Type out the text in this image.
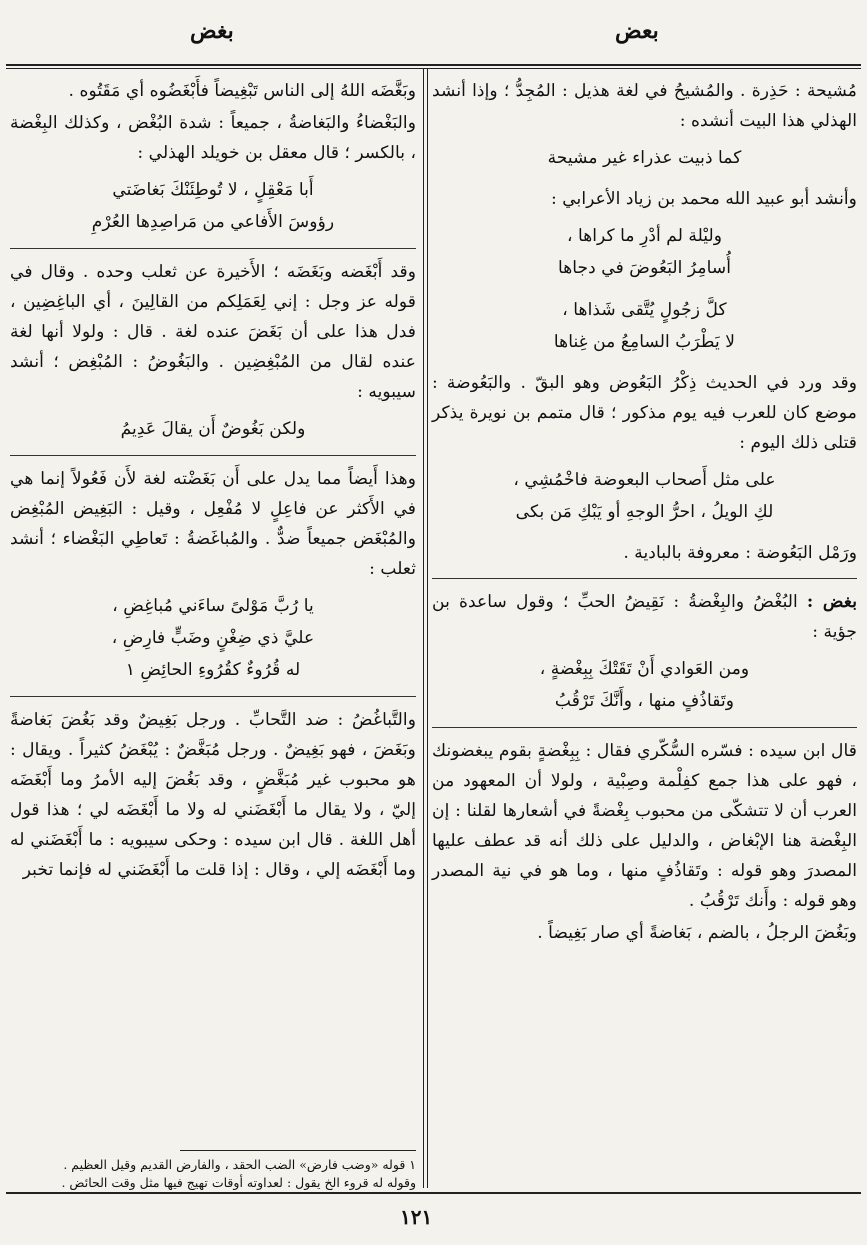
بغض	بعض

مُشيحة : حَذِرة . والمُشيحُ في لغة هذيل : المُجِدُّ ؛ وإذا أنشد الهذلي هذا البيت أنشده :

كما ذبيت عذراء غير مشيحة

وأنشد أبو عبيد الله محمد بن زياد الأعرابي :

وليْلة لم أدْرِ ما كراها ،
أُسامِرُ البَعُوضَ في دجاها
كلَّ زجُولٍ يُتَّقى شَذاها ،
لا يَطْرَبُ السامِعُ من غِناها

وقد ورد في الحديث ذِكْرُ البَعُوض وهو البقّ . والبَعُوضة : موضع كان للعرب فيه يوم مذكور ؛ قال متمم بن نويرة يذكر قتلى ذلك اليوم :

على مثل أَصحاب البعوضة فاخْمُشِي ،
لكِ الويلُ ، احرُّ الوجهِ أو يَبْكِ مَن بكى

ورَمْل البَعُوضة : معروفة بالبادية .

بغض : البُغْضُ والبِغْضةُ : نَقِيضُ الحبِّ ؛ وقول ساعدة بن جؤية :

ومن العَوادي أَنْ تَقَتْكَ بِبِغْضةٍ ،
وتَقاذُفٍ منها ، وأَنَّكَ تَرْقُبُ

قال ابن سيده : فسّره السُّكّري فقال : بِبِغْضةٍ بقوم يبغضونك ، فهو على هذا جمع كفِلْمة وصِبْية ، ولولا أن المعهود من العرب أن لا تتشكّى من محبوب بِغْضةً في أشعارها لقلنا : إن البِغْضة هنا الإبْغاض ، والدليل على ذلك أنه قد عطف عليها المصدرَ وهو قوله : وتَقاذُفٍ منها ، وما هو في نية المصدر وهو قوله : وأَنك تَرْقُبُ .

وبَغُضَ الرجلُ ، بالضم ، بَغاضةً أي صار بَغِيضاً .

وبَغَّضَه اللهُ إلى الناس تَبْغِيضاً فأَبْغَضُوه أي مَقَتُوه .

والبَغْضاءُ والبَغاضةُ ، جميعاً : شدة البُغْض ، وكذلك البِغْضة ، بالكسر ؛ قال معقل بن خويلد الهذلي :

أَبا مَعْقِلٍ ، لا تُوطِئَنْكَ بَغاضَتي
رؤوسَ الأَفاعي من مَراصِدِها العُرْمِ

وقد أَبْغَضه وبَغَضَه ؛ الأَخيرة عن ثعلب وحده . وقال في قوله عز وجل : إني لِعَمَلِكم من القالِينَ ، أي الباغِضِين ، فدل هذا على أن بَغَضَ عنده لغة . قال : ولولا أنها لغة عنده لقال من المُبْغِضِين . والبَغُوضُ : المُبْغِض ؛ أنشد سيبويه :

ولكن بَغُوضٌ أَن يقالَ عَدِيمُ

وهذا أَيضاً مما يدل على أَن بَغَضْته لغة لأَن فَعُولاً إنما هي في الأَكثر عن فاعِلٍ لا مُفْعِل ، وقيل : البَغِيض المُبْغِض والمُبْغَض جميعاً ضدٌّ . والمُباغَضةُ : تَعاطِي البَغْضاء ؛ أنشد ثعلب :

يا رُبَّ مَوْلىً ساءَني مُباغِضِ ،
عليَّ ذي ضِغْنٍ وضَبٍّ فارِضِ ،
له قُرُوءٌ كقُرُوءِ الحائِضِ ١

والتَّباغُضُ : ضد التَّحابِّ . ورجل بَغِيضٌ وقد بَغُضَ بَغاضةً وبَغَضَ ، فهو بَغِيضٌ . ورجل مُبَغَّضٌ : يُبْغَضُ كثيراً . ويقال : هو محبوب غير مُبَغَّضٍ ، وقد بَغُضَ إليه الأمرُ وما أَبْغَضَه إليّ ، ولا يقال ما أَبْغَضَني له ولا ما أَبْغَضَه لي ؛ هذا قول أهل اللغة . قال ابن سيده : وحكى سيبويه : ما أَبْغَضَني له وما أَبْغَضَه إلي ، وقال : إذا قلت ما أَبْغَضَني له فإنما تخبر

١ قوله «وضب فارض» الضب الحقد ، والفارض القديم وقيل العظيم .
وقوله له قروء الخ يقول : لعداوته أوقات تهيج فيها مثل وقت الحائض .
١٢١
